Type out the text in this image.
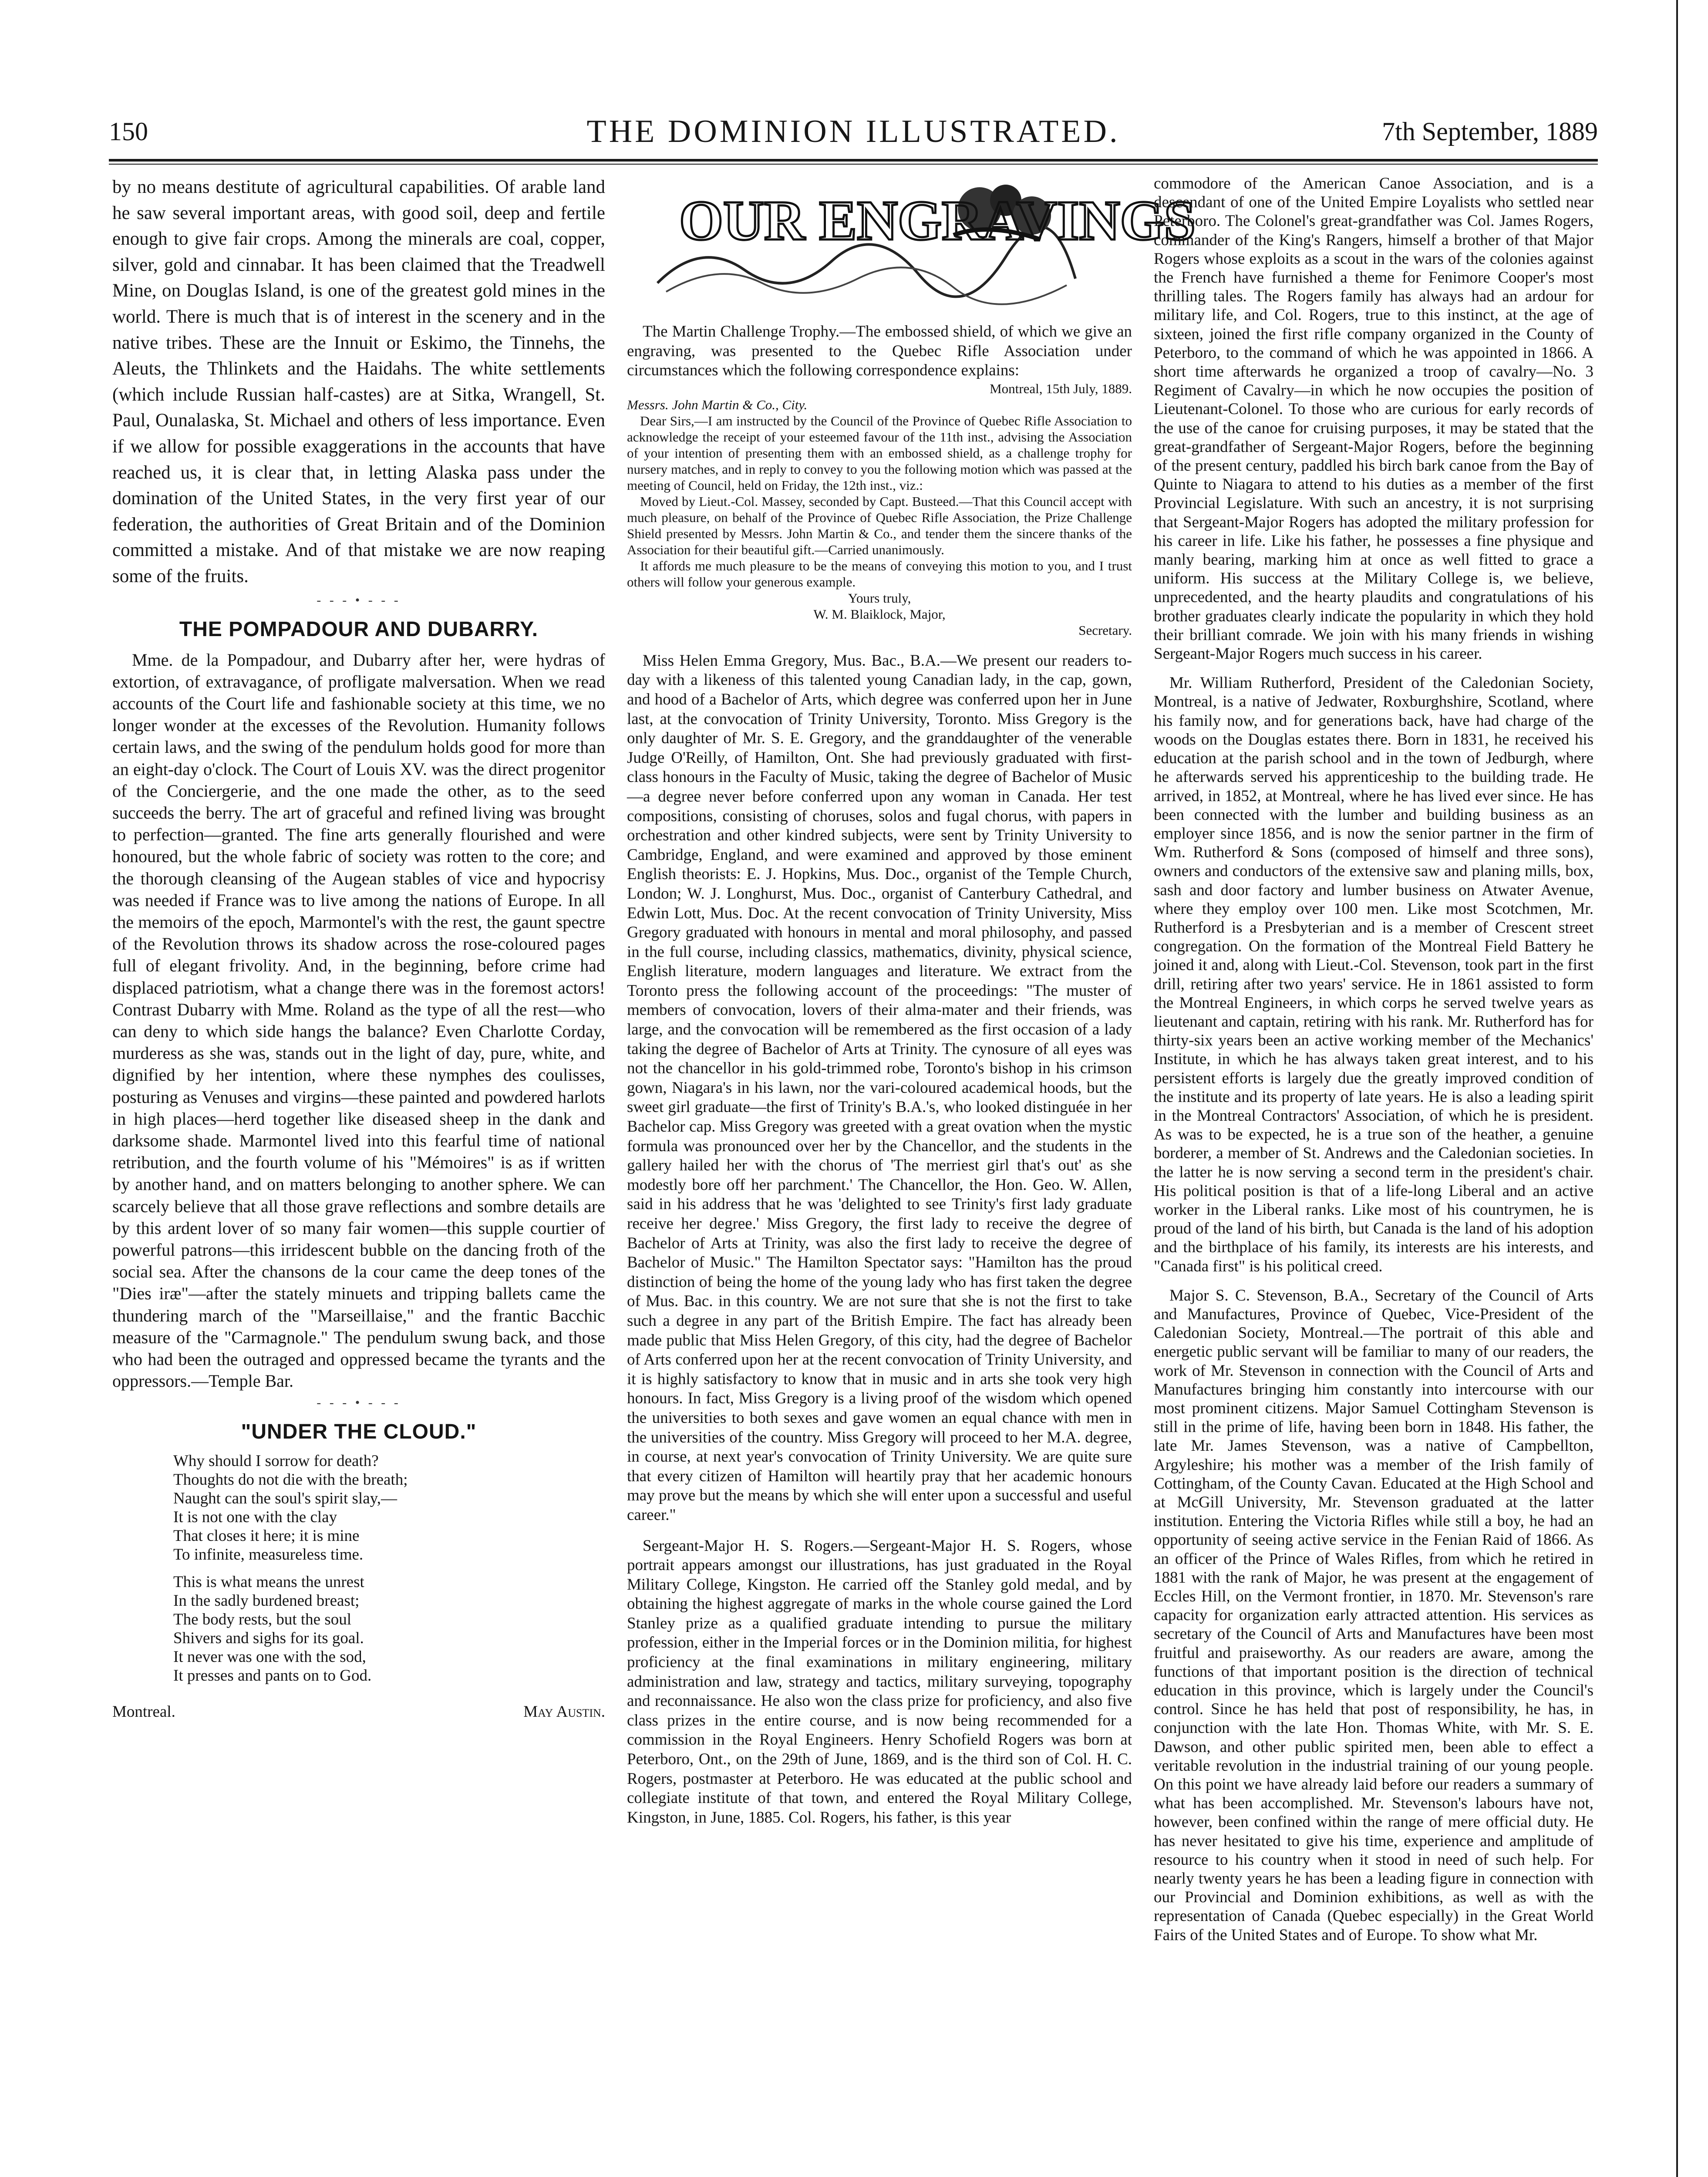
150	THE DOMINION ILLUSTRATED.	7th September, 1889

by no means destitute of agricultural capabilities. Of arable land he saw several important areas, with good soil, deep and fertile enough to give fair crops. Among the minerals are coal, copper, silver, gold and cinnabar. It has been claimed that the Treadwell Mine, on Douglas Island, is one of the greatest gold mines in the world. There is much that is of interest in the scenery and in the native tribes. These are the Innuit or Eskimo, the Tinnehs, the Aleuts, the Thlinkets and the Haidahs. The white settlements (which include Russian half-castes) are at Sitka, Wrangell, St. Paul, Ounalaska, St. Michael and others of less importance. Even if we allow for possible exaggerations in the accounts that have reached us, it is clear that, in letting Alaska pass under the domination of the United States, in the very first year of our federation, the authorities of Great Britain and of the Dominion committed a mistake. And of that mistake we are now reaping some of the fruits.

- - - • - - -
THE POMPADOUR AND DUBARRY.

Mme. de la Pompadour, and Dubarry after her, were hydras of extortion, of extravagance, of profligate malversation. When we read accounts of the Court life and fashionable society at this time, we no longer wonder at the excesses of the Revolution. Humanity follows certain laws, and the swing of the pendulum holds good for more than an eight-day o'clock. The Court of Louis XV. was the direct progenitor of the Conciergerie, and the one made the other, as to the seed succeeds the berry. The art of graceful and refined living was brought to perfection—granted. The fine arts generally flourished and were honoured, but the whole fabric of society was rotten to the core; and the thorough cleansing of the Augean stables of vice and hypocrisy was needed if France was to live among the nations of Europe. In all the memoirs of the epoch, Marmontel's with the rest, the gaunt spectre of the Revolution throws its shadow across the rose-coloured pages full of elegant frivolity. And, in the beginning, before crime had displaced patriotism, what a change there was in the foremost actors! Contrast Dubarry with Mme. Roland as the type of all the rest—who can deny to which side hangs the balance? Even Charlotte Corday, murderess as she was, stands out in the light of day, pure, white, and dignified by her intention, where these nymphes des coulisses, posturing as Venuses and virgins—these painted and powdered harlots in high places—herd together like diseased sheep in the dank and darksome shade. Marmontel lived into this fearful time of national retribution, and the fourth volume of his "Mémoires" is as if written by another hand, and on matters belonging to another sphere. We can scarcely believe that all those grave reflections and sombre details are by this ardent lover of so many fair women—this supple courtier of powerful patrons—this irridescent bubble on the dancing froth of the social sea. After the chansons de la cour came the deep tones of the "Dies iræ"—after the stately minuets and tripping ballets came the thundering march of the "Marseillaise," and the frantic Bacchic measure of the "Carmagnole." The pendulum swung back, and those who had been the outraged and oppressed became the tyrants and the oppressors.—Temple Bar.

- - - • - - -
"UNDER THE CLOUD."
Why should I sorrow for death?
Thoughts do not die with the breath;
Naught can the soul's spirit slay,—
It is not one with the clay
That closes it here; it is mine
To infinite, measureless time.
This is what means the unrest
In the sadly burdened breast;
The body rests, but the soul
Shivers and sighs for its goal.
It never was one with the sod,
It presses and pants on to God.
Montreal.	May Austin.
OUR ENGRAVINGS

The Martin Challenge Trophy.—The embossed shield, of which we give an engraving, was presented to the Quebec Rifle Association under circumstances which the following correspondence explains:

Montreal, 15th July, 1889.

Messrs. John Martin & Co., City.

Dear Sirs,—I am instructed by the Council of the Province of Quebec Rifle Association to acknowledge the receipt of your esteemed favour of the 11th inst., advising the Association of your intention of presenting them with an embossed shield, as a challenge trophy for nursery matches, and in reply to convey to you the following motion which was passed at the meeting of Council, held on Friday, the 12th inst., viz.:

Moved by Lieut.-Col. Massey, seconded by Capt. Busteed.—That this Council accept with much pleasure, on behalf of the Province of Quebec Rifle Association, the Prize Challenge Shield presented by Messrs. John Martin & Co., and tender them the sincere thanks of the Association for their beautiful gift.—Carried unanimously.

It affords me much pleasure to be the means of conveying this motion to you, and I trust others will follow your generous example.

Yours truly,

W. M. Blaiklock, Major,

Secretary.

Miss Helen Emma Gregory, Mus. Bac., B.A.—We present our readers to-day with a likeness of this talented young Canadian lady, in the cap, gown, and hood of a Bachelor of Arts, which degree was conferred upon her in June last, at the convocation of Trinity University, Toronto. Miss Gregory is the only daughter of Mr. S. E. Gregory, and the granddaughter of the venerable Judge O'Reilly, of Hamilton, Ont. She had previously graduated with first-class honours in the Faculty of Music, taking the degree of Bachelor of Music—a degree never before conferred upon any woman in Canada. Her test compositions, consisting of choruses, solos and fugal chorus, with papers in orchestration and other kindred subjects, were sent by Trinity University to Cambridge, England, and were examined and approved by those eminent English theorists: E. J. Hopkins, Mus. Doc., organist of the Temple Church, London; W. J. Longhurst, Mus. Doc., organist of Canterbury Cathedral, and Edwin Lott, Mus. Doc. At the recent convocation of Trinity University, Miss Gregory graduated with honours in mental and moral philosophy, and passed in the full course, including classics, mathematics, divinity, physical science, English literature, modern languages and literature. We extract from the Toronto press the following account of the proceedings: "The muster of members of convocation, lovers of their alma-mater and their friends, was large, and the convocation will be remembered as the first occasion of a lady taking the degree of Bachelor of Arts at Trinity. The cynosure of all eyes was not the chancellor in his gold-trimmed robe, Toronto's bishop in his crimson gown, Niagara's in his lawn, nor the vari-coloured academical hoods, but the sweet girl graduate—the first of Trinity's B.A.'s, who looked distinguée in her Bachelor cap. Miss Gregory was greeted with a great ovation when the mystic formula was pronounced over her by the Chancellor, and the students in the gallery hailed her with the chorus of 'The merriest girl that's out' as she modestly bore off her parchment.' The Chancellor, the Hon. Geo. W. Allen, said in his address that he was 'delighted to see Trinity's first lady graduate receive her degree.' Miss Gregory, the first lady to receive the degree of Bachelor of Arts at Trinity, was also the first lady to receive the degree of Bachelor of Music." The Hamilton Spectator says: "Hamilton has the proud distinction of being the home of the young lady who has first taken the degree of Mus. Bac. in this country. We are not sure that she is not the first to take such a degree in any part of the British Empire. The fact has already been made public that Miss Helen Gregory, of this city, had the degree of Bachelor of Arts conferred upon her at the recent convocation of Trinity University, and it is highly satisfactory to know that in music and in arts she took very high honours. In fact, Miss Gregory is a living proof of the wisdom which opened the universities to both sexes and gave women an equal chance with men in the universities of the country. Miss Gregory will proceed to her M.A. degree, in course, at next year's convocation of Trinity University. We are quite sure that every citizen of Hamilton will heartily pray that her academic honours may prove but the means by which she will enter upon a successful and useful career."

Sergeant-Major H. S. Rogers.—Sergeant-Major H. S. Rogers, whose portrait appears amongst our illustrations, has just graduated in the Royal Military College, Kingston. He carried off the Stanley gold medal, and by obtaining the highest aggregate of marks in the whole course gained the Lord Stanley prize as a qualified graduate intending to pursue the military profession, either in the Imperial forces or in the Dominion militia, for highest proficiency at the final examinations in military engineering, military administration and law, strategy and tactics, military surveying, topography and reconnaissance. He also won the class prize for proficiency, and also five class prizes in the entire course, and is now being recommended for a commission in the Royal Engineers. Henry Schofield Rogers was born at Peterboro, Ont., on the 29th of June, 1869, and is the third son of Col. H. C. Rogers, postmaster at Peterboro. He was educated at the public school and collegiate institute of that town, and entered the Royal Military College, Kingston, in June, 1885. Col. Rogers, his father, is this year

commodore of the American Canoe Association, and is a descendant of one of the United Empire Loyalists who settled near Peterboro. The Colonel's great-grandfather was Col. James Rogers, commander of the King's Rangers, himself a brother of that Major Rogers whose exploits as a scout in the wars of the colonies against the French have furnished a theme for Fenimore Cooper's most thrilling tales. The Rogers family has always had an ardour for military life, and Col. Rogers, true to this instinct, at the age of sixteen, joined the first rifle company organized in the County of Peterboro, to the command of which he was appointed in 1866. A short time afterwards he organized a troop of cavalry—No. 3 Regiment of Cavalry—in which he now occupies the position of Lieutenant-Colonel. To those who are curious for early records of the use of the canoe for cruising purposes, it may be stated that the great-grandfather of Sergeant-Major Rogers, before the beginning of the present century, paddled his birch bark canoe from the Bay of Quinte to Niagara to attend to his duties as a member of the first Provincial Legislature. With such an ancestry, it is not surprising that Sergeant-Major Rogers has adopted the military profession for his career in life. Like his father, he possesses a fine physique and manly bearing, marking him at once as well fitted to grace a uniform. His success at the Military College is, we believe, unprecedented, and the hearty plaudits and congratulations of his brother graduates clearly indicate the popularity in which they hold their brilliant comrade. We join with his many friends in wishing Sergeant-Major Rogers much success in his career.

Mr. William Rutherford, President of the Caledonian Society, Montreal, is a native of Jedwater, Roxburghshire, Scotland, where his family now, and for generations back, have had charge of the woods on the Douglas estates there. Born in 1831, he received his education at the parish school and in the town of Jedburgh, where he afterwards served his apprenticeship to the building trade. He arrived, in 1852, at Montreal, where he has lived ever since. He has been connected with the lumber and building business as an employer since 1856, and is now the senior partner in the firm of Wm. Rutherford & Sons (composed of himself and three sons), owners and conductors of the extensive saw and planing mills, box, sash and door factory and lumber business on Atwater Avenue, where they employ over 100 men. Like most Scotchmen, Mr. Rutherford is a Presbyterian and is a member of Crescent street congregation. On the formation of the Montreal Field Battery he joined it and, along with Lieut.-Col. Stevenson, took part in the first drill, retiring after two years' service. He in 1861 assisted to form the Montreal Engineers, in which corps he served twelve years as lieutenant and captain, retiring with his rank. Mr. Rutherford has for thirty-six years been an active working member of the Mechanics' Institute, in which he has always taken great interest, and to his persistent efforts is largely due the greatly improved condition of the institute and its property of late years. He is also a leading spirit in the Montreal Contractors' Association, of which he is president. As was to be expected, he is a true son of the heather, a genuine borderer, a member of St. Andrews and the Caledonian societies. In the latter he is now serving a second term in the president's chair. His political position is that of a life-long Liberal and an active worker in the Liberal ranks. Like most of his countrymen, he is proud of the land of his birth, but Canada is the land of his adoption and the birthplace of his family, its interests are his interests, and "Canada first" is his political creed.

Major S. C. Stevenson, B.A., Secretary of the Council of Arts and Manufactures, Province of Quebec, Vice-President of the Caledonian Society, Montreal.—The portrait of this able and energetic public servant will be familiar to many of our readers, the work of Mr. Stevenson in connection with the Council of Arts and Manufactures bringing him constantly into intercourse with our most prominent citizens. Major Samuel Cottingham Stevenson is still in the prime of life, having been born in 1848. His father, the late Mr. James Stevenson, was a native of Campbellton, Argyleshire; his mother was a member of the Irish family of Cottingham, of the County Cavan. Educated at the High School and at McGill University, Mr. Stevenson graduated at the latter institution. Entering the Victoria Rifles while still a boy, he had an opportunity of seeing active service in the Fenian Raid of 1866. As an officer of the Prince of Wales Rifles, from which he retired in 1881 with the rank of Major, he was present at the engagement of Eccles Hill, on the Vermont frontier, in 1870. Mr. Stevenson's rare capacity for organization early attracted attention. His services as secretary of the Council of Arts and Manufactures have been most fruitful and praiseworthy. As our readers are aware, among the functions of that important position is the direction of technical education in this province, which is largely under the Council's control. Since he has held that post of responsibility, he has, in conjunction with the late Hon. Thomas White, with Mr. S. E. Dawson, and other public spirited men, been able to effect a veritable revolution in the industrial training of our young people. On this point we have already laid before our readers a summary of what has been accomplished. Mr. Stevenson's labours have not, however, been confined within the range of mere official duty. He has never hesitated to give his time, experience and amplitude of resource to his country when it stood in need of such help. For nearly twenty years he has been a leading figure in connection with our Provincial and Dominion exhibitions, as well as with the representation of Canada (Quebec especially) in the Great World Fairs of the United States and of Europe. To show what Mr.
